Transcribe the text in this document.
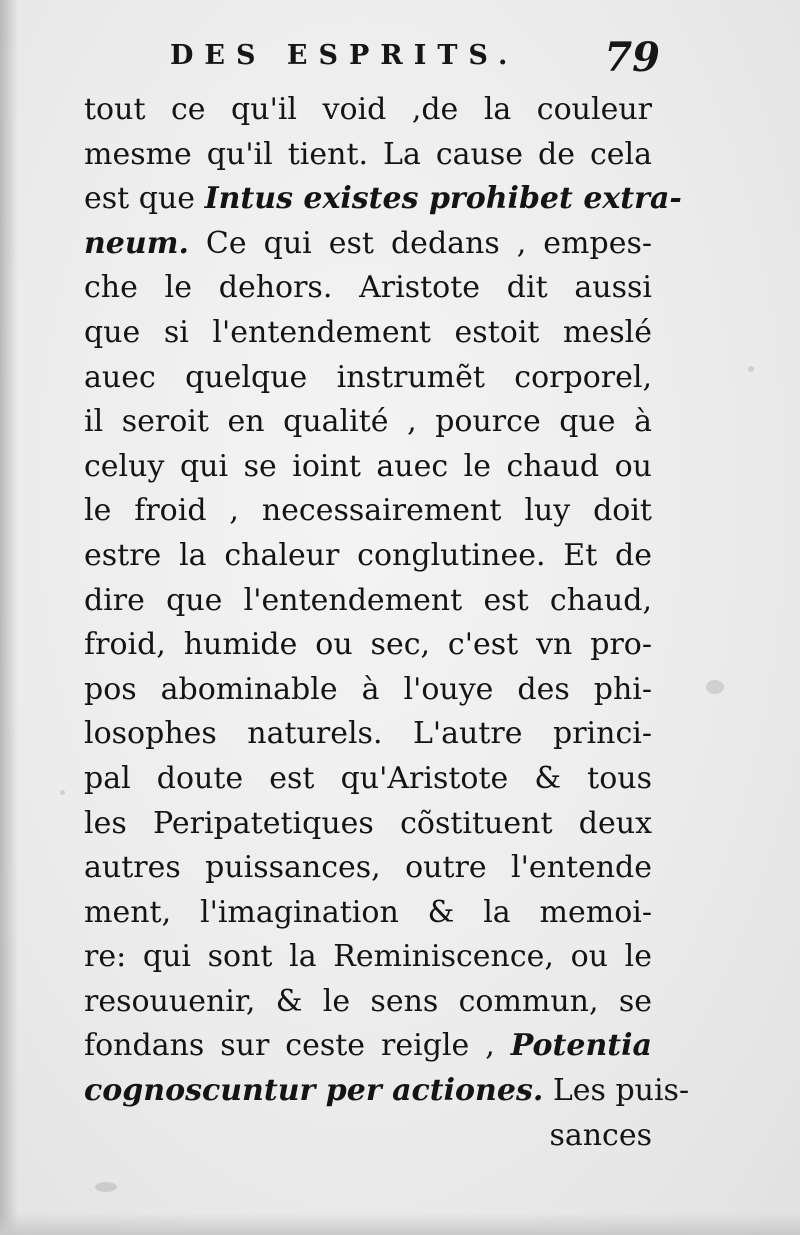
DES ESPRITS. 79
tout ce qu'il void ,de la couleur
mesme qu'il tient. La cause de cela
est que Intus existes prohibet extra-
neum. Ce qui est dedans , empes-
che le dehors. Aristote dit aussi
que si l'entendement estoit meslé
auec quelque instrumẽt corporel,
il seroit en qualité , pource que à
celuy qui se ioint auec le chaud ou
le froid , necessairement luy doit
estre la chaleur conglutinee. Et de
dire que l'entendement est chaud,
froid, humide ou sec, c'est vn pro-
pos abominable à l'ouye des phi-
losophes naturels. L'autre princi-
pal doute est qu'Aristote & tous
les Peripatetiques cõstituent deux
autres puissances, outre l'entende
ment, l'imagination & la memoi-
re: qui sont la Reminiscence, ou le
resouuenir, & le sens commun, se
fondans sur ceste reigle , Potentia
cognoscuntur per actiones. Les puis-
sances
